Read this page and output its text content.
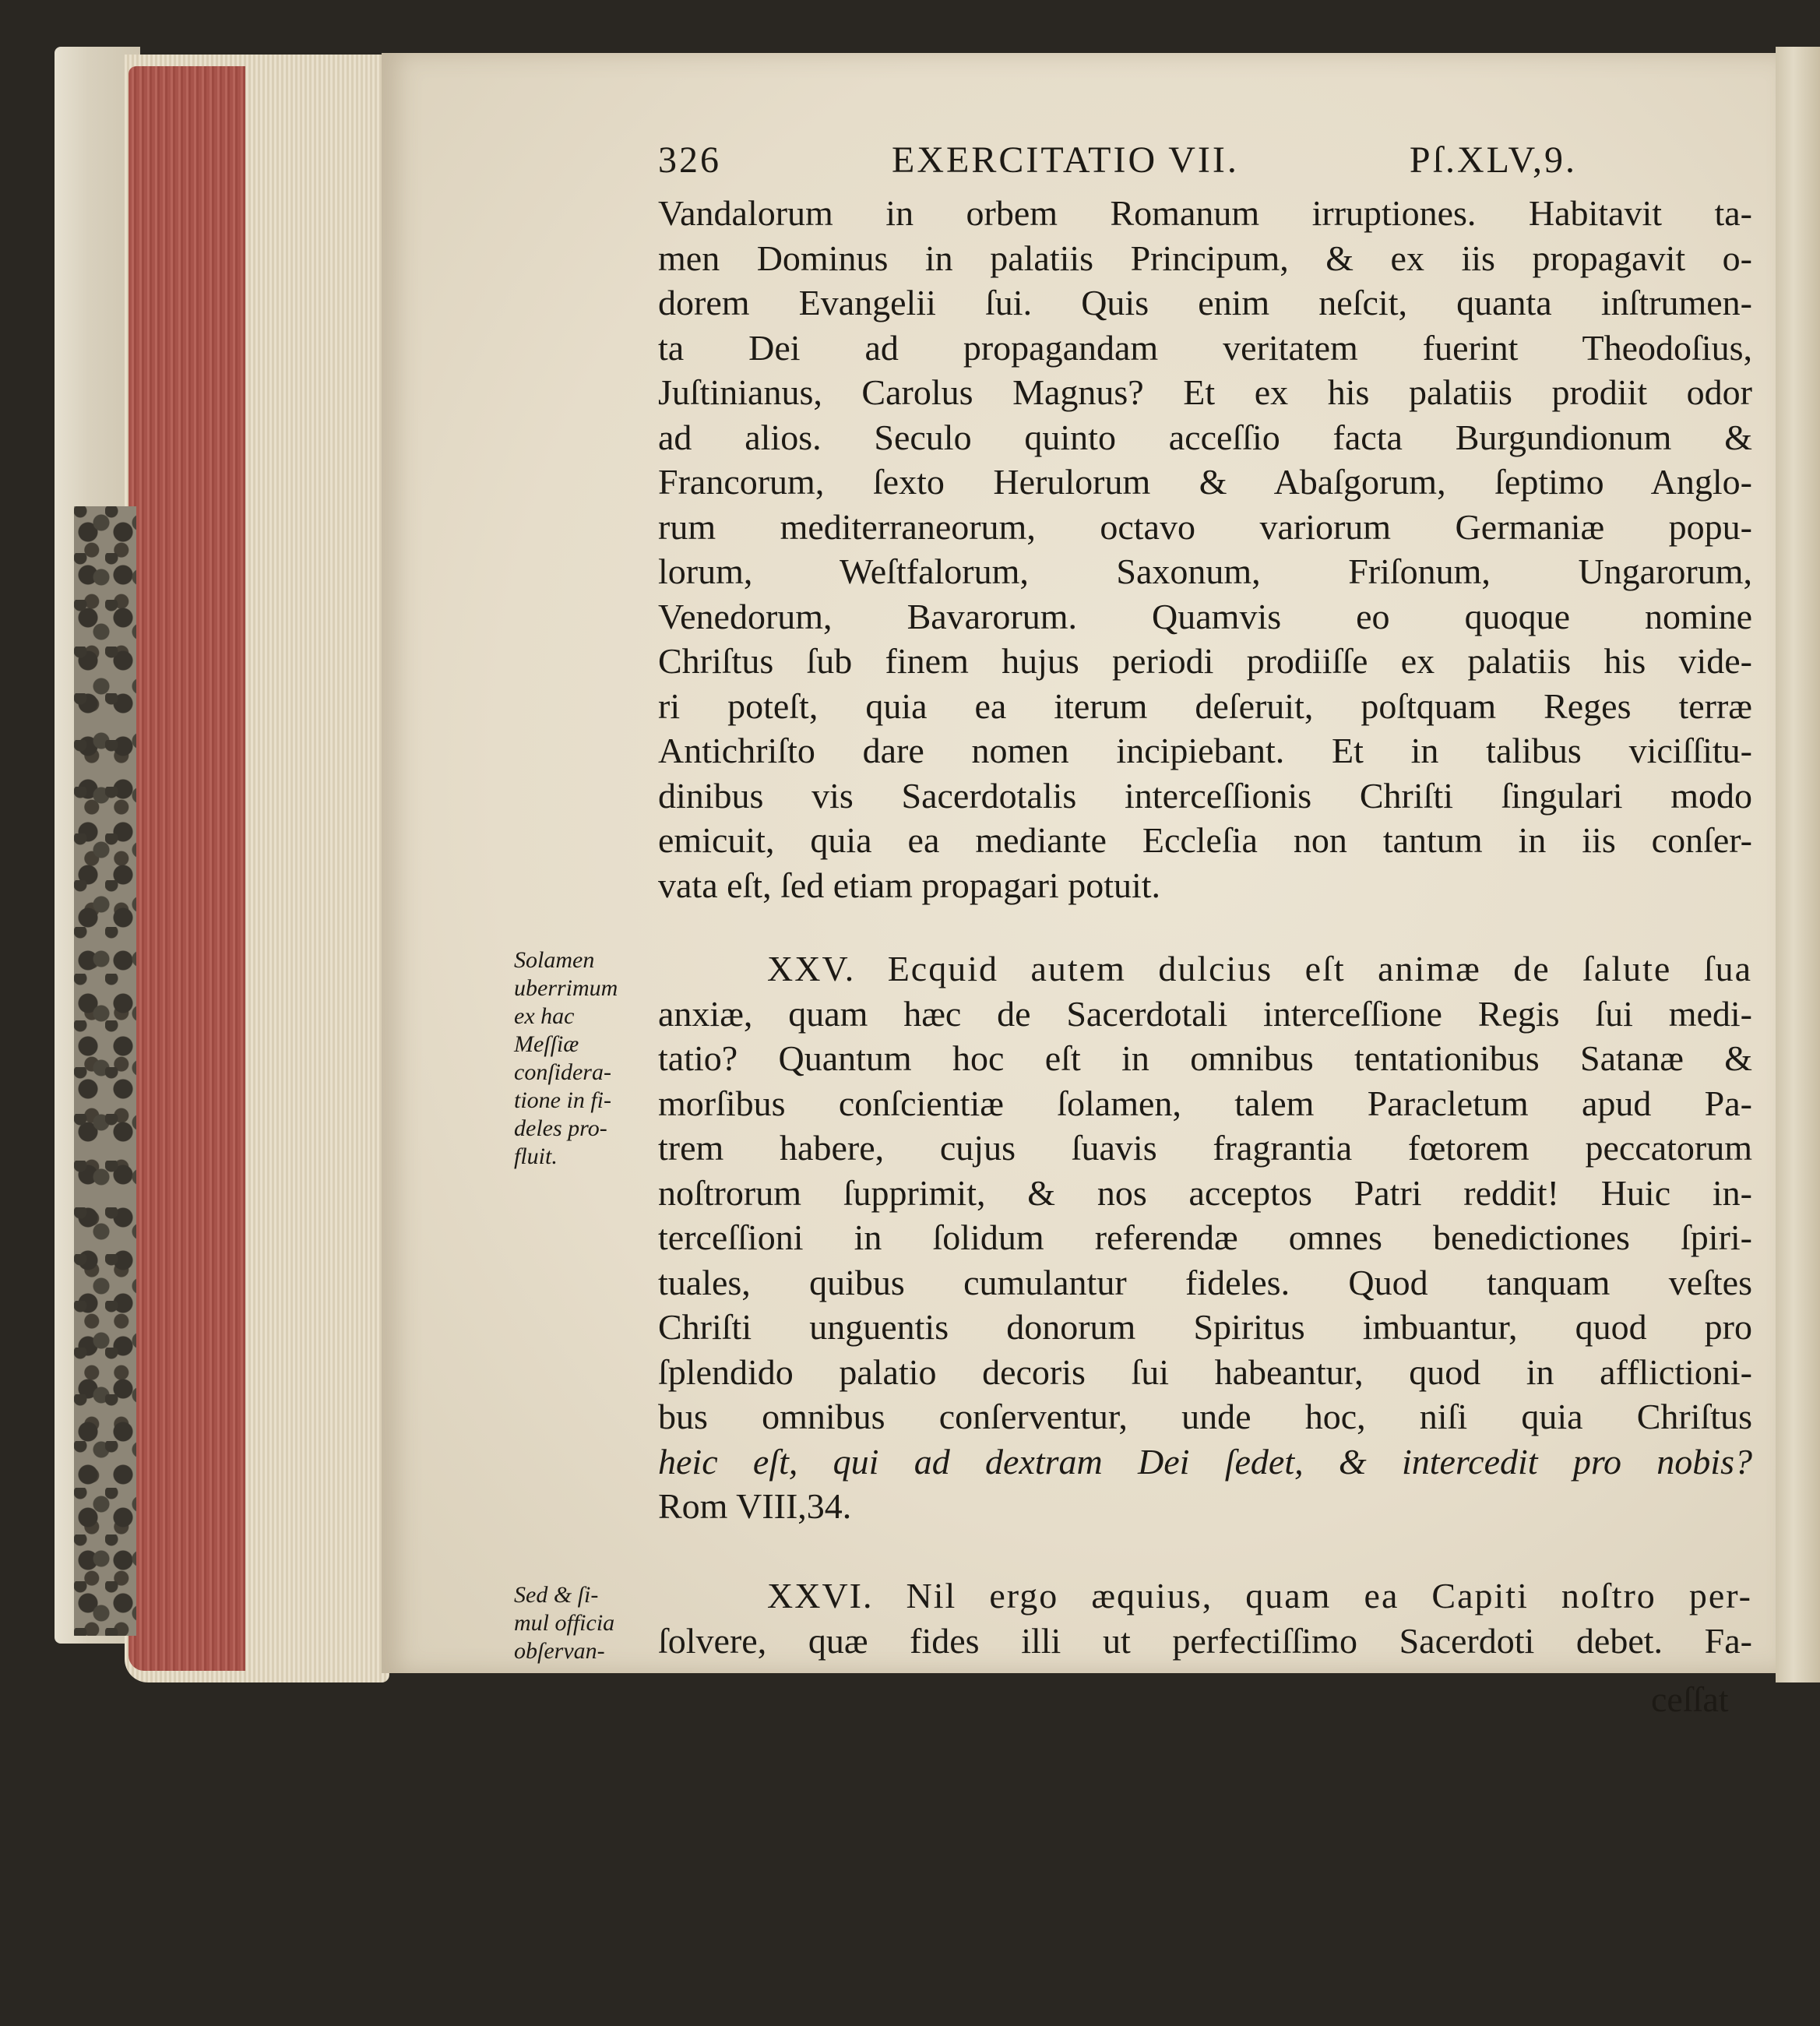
326	EXERCITATIO VII.	Pſ.XLV,9.
Vandalorum in orbem Romanum irruptiones. Habitavit ta-
men Dominus in palatiis Principum, & ex iis propagavit o-
dorem Evangelii ſui. Quis enim neſcit, quanta inſtrumen-
ta Dei ad propagandam veritatem fuerint Theodoſius,
Juſtinianus, Carolus Magnus? Et ex his palatiis prodiit odor
ad alios. Seculo quinto acceſſio facta Burgundionum &
Francorum, ſexto Herulorum & Abaſgorum, ſeptimo Anglo-
rum mediterraneorum, octavo variorum Germaniæ popu-
lorum, Weſtfalorum, Saxonum, Friſonum, Ungarorum,
Venedorum, Bavarorum. Quamvis eo quoque nomine
Chriſtus ſub finem hujus periodi prodiiſſe ex palatiis his vide-
ri poteſt, quia ea iterum deſeruit, poſtquam Reges terræ
Antichriſto dare nomen incipiebant. Et in talibus viciſſitu-
dinibus vis Sacerdotalis interceſſionis Chriſti ſingulari modo
emicuit, quia ea mediante Eccleſia non tantum in iis conſer-
vata eſt, ſed etiam propagari potuit.
Solamen
uberrimum
ex hac
Meſſiæ
conſidera-
tione in fi-
deles pro-
fluit.
XXV. Ecquid autem dulcius eſt animæ de ſalute ſua
anxiæ, quam hæc de Sacerdotali interceſſione Regis ſui medi-
tatio? Quantum hoc eſt in omnibus tentationibus Satanæ &
morſibus conſcientiæ ſolamen, talem Paracletum apud Pa-
trem habere, cujus ſuavis fragrantia fœtorem peccatorum
noſtrorum ſupprimit, & nos acceptos Patri reddit! Huic in-
terceſſioni in ſolidum referendæ omnes benedictiones ſpiri-
tuales, quibus cumulantur fideles. Quod tanquam veſtes
Chriſti unguentis donorum Spiritus imbuantur, quod pro
ſplendido palatio decoris ſui habeantur, quod in afflictioni-
bus omnibus conſerventur, unde hoc, niſi quia Chriſtus
heic eſt, qui ad dextram Dei ſedet, & intercedit pro nobis?
Rom VIII,34.
Sed & ſi-
mul officia
obſervan-
XXVI. Nil ergo æquius, quam ea Capiti noſtro per-
ſolvere, quæ fides illi ut perfectiſſimo Sacerdoti debet. Fa-
ceſſat
